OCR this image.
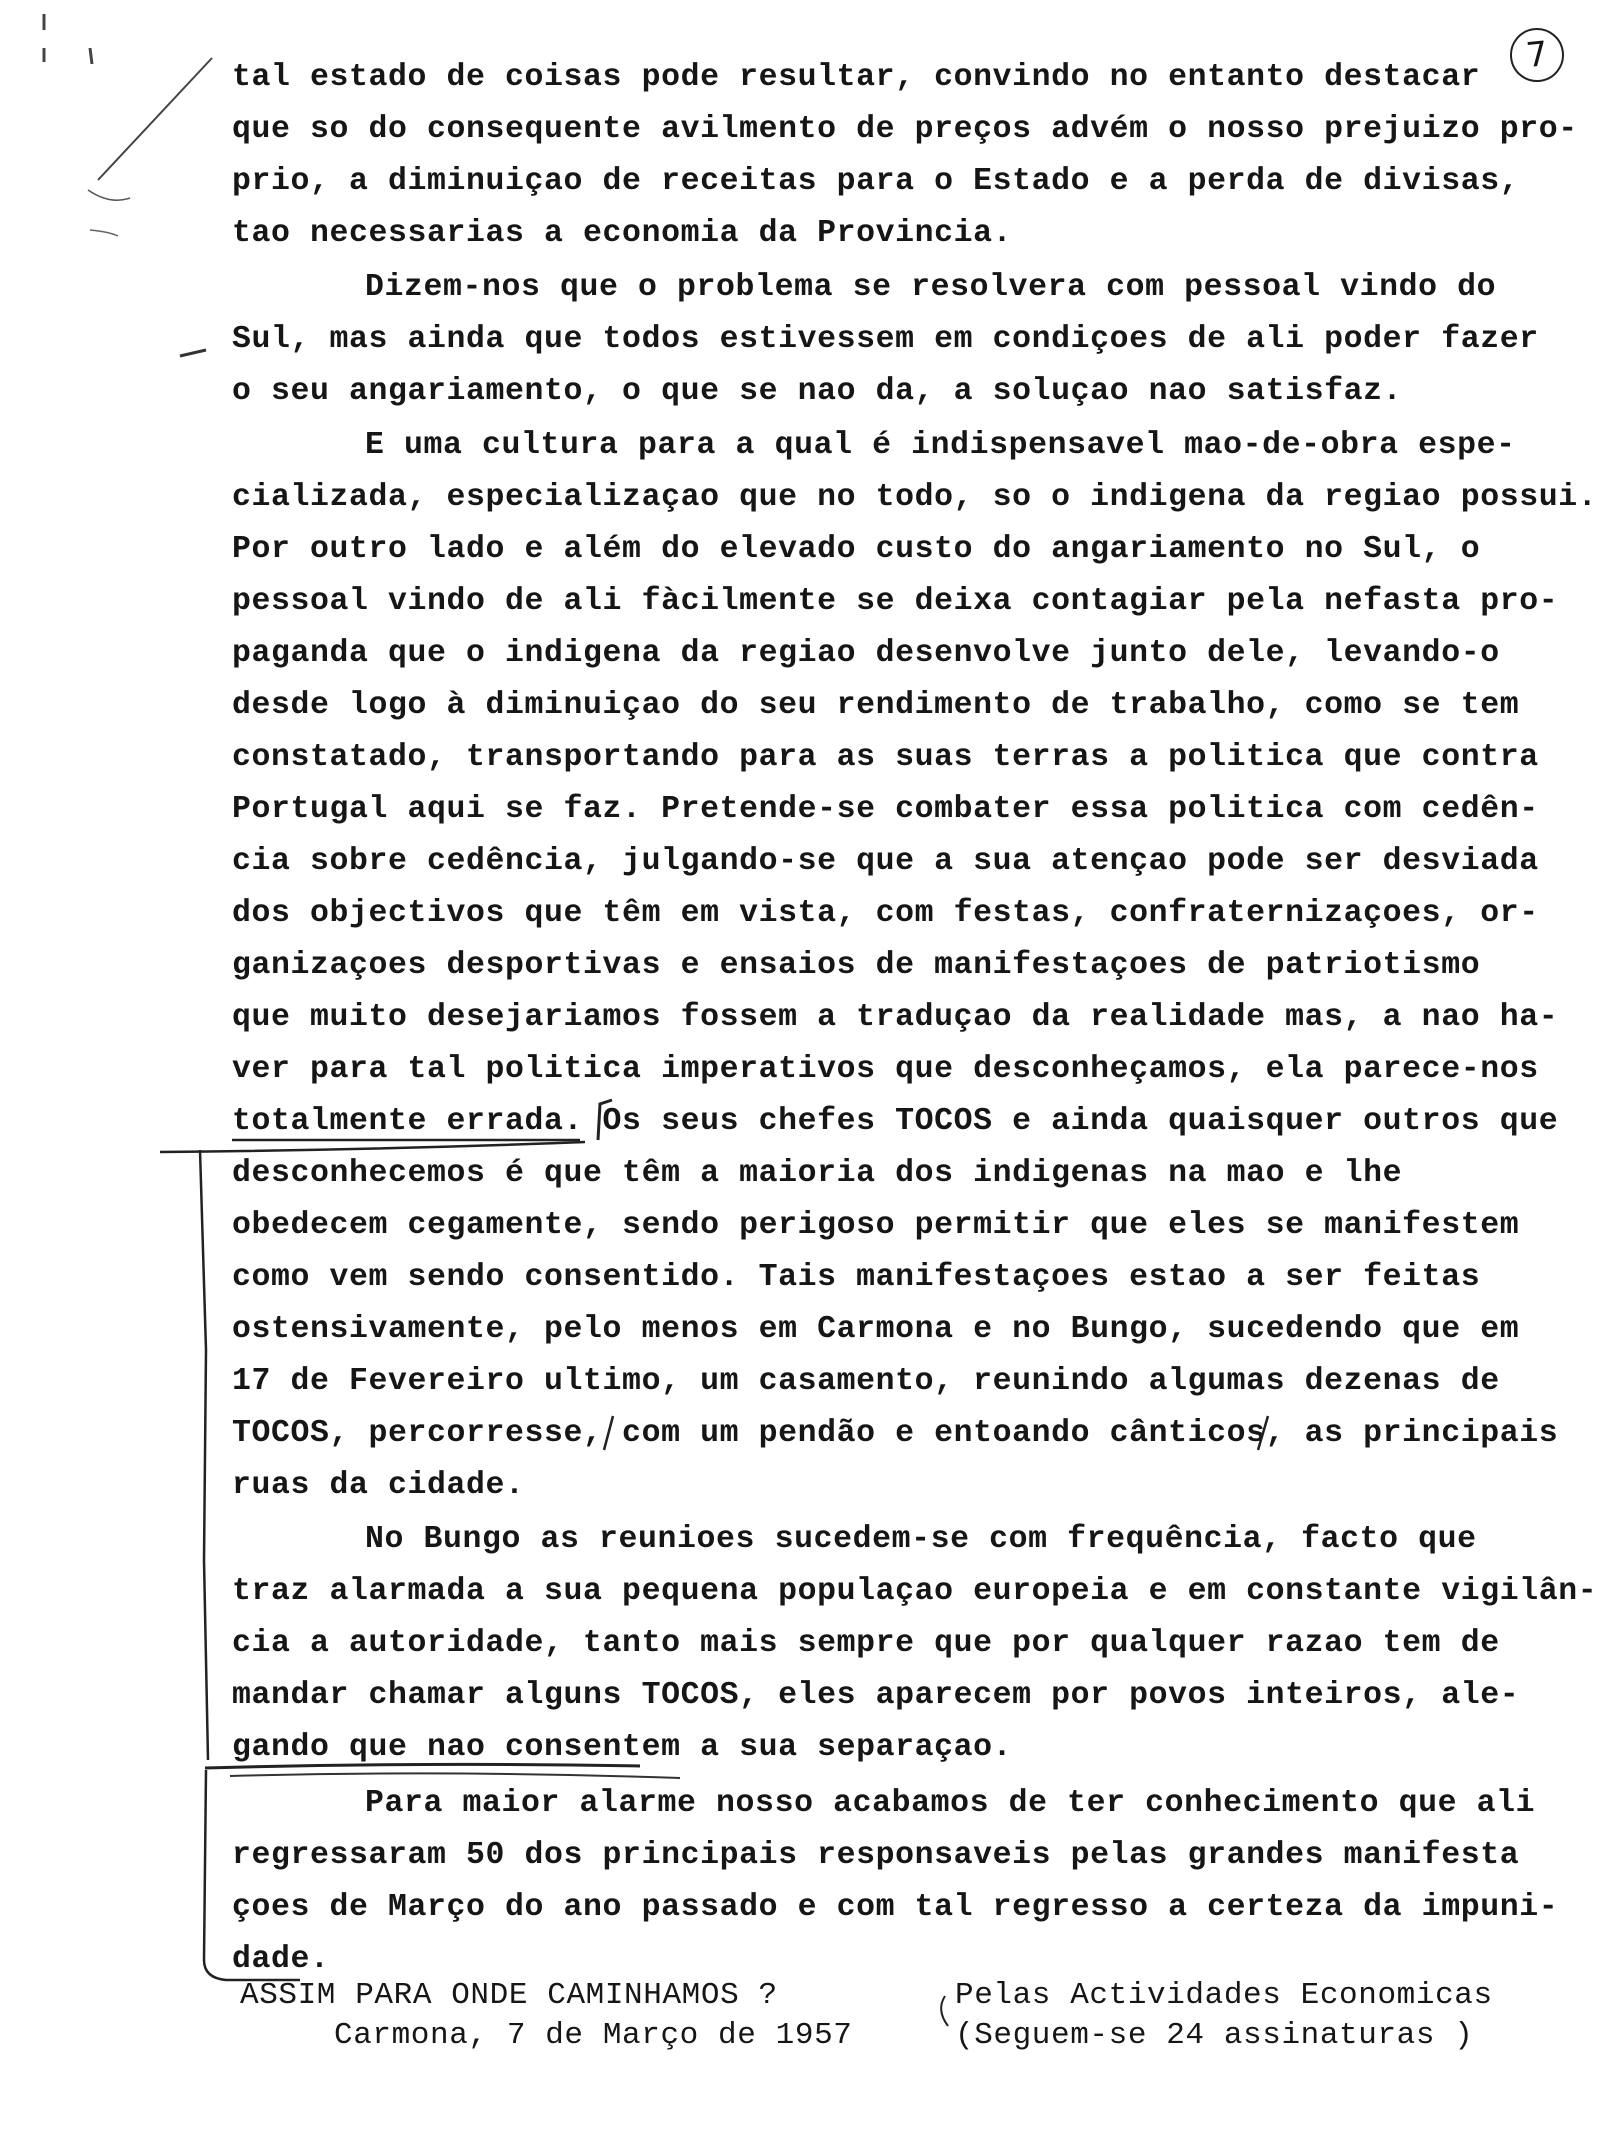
7
tal estado de coisas pode resultar, convindo no entanto destacar
que so do consequente avilmento de preços advém o nosso prejuizo pro-
prio, a diminuiçao de receitas para o Estado e a perda de divisas,
tao necessarias a economia da Provincia.
Dizem-nos que o problema se resolvera com pessoal vindo do
Sul, mas ainda que todos estivessem em condiçoes de ali poder fazer
o seu angariamento, o que se nao da, a soluçao nao satisfaz.
E uma cultura para a qual é indispensavel mao-de-obra espe-
cializada, especializaçao que no todo, so o indigena da regiao possui.
Por outro lado e além do elevado custo do angariamento no Sul, o
pessoal vindo de ali fàcilmente se deixa contagiar pela nefasta pro-
paganda que o indigena da regiao desenvolve junto dele, levando-o
desde logo à diminuiçao do seu rendimento de trabalho, como se tem
constatado, transportando para as suas terras a politica que contra
Portugal aqui se faz. Pretende-se combater essa politica com cedên-
cia sobre cedência, julgando-se que a sua atençao pode ser desviada
dos objectivos que têm em vista, com festas, confraternizaçoes, or-
ganizaçoes desportivas e ensaios de manifestaçoes de patriotismo
que muito desejariamos fossem a traduçao da realidade mas, a nao ha-
ver para tal politica imperativos que desconheçamos, ela parece-nos
totalmente errada. Os seus chefes TOCOS e ainda quaisquer outros que
desconhecemos é que têm a maioria dos indigenas na mao e lhe
obedecem cegamente, sendo perigoso permitir que eles se manifestem
como vem sendo consentido. Tais manifestaçoes estao a ser feitas
ostensivamente, pelo menos em Carmona e no Bungo, sucedendo que em
17 de Fevereiro ultimo, um casamento, reunindo algumas dezenas de
TOCOS, percorresse, com um pendão e entoando cânticos, as principais
ruas da cidade.
No Bungo as reunioes sucedem-se com frequência, facto que
traz alarmada a sua pequena populaçao europeia e em constante vigilân-
cia a autoridade, tanto mais sempre que por qualquer razao tem de
mandar chamar alguns TOCOS, eles aparecem por povos inteiros, ale-
gando que nao consentem a sua separaçao.
Para maior alarme nosso acabamos de ter conhecimento que ali
regressaram 50 dos principais responsaveis pelas grandes manifesta
çoes de Março do ano passado e com tal regresso a certeza da impuni-
dade.
ASSIM PARA ONDE CAMINHAMOS ?
Carmona, 7 de Março de 1957
Pelas Actividades Economicas
(Seguem-se 24 assinaturas )
